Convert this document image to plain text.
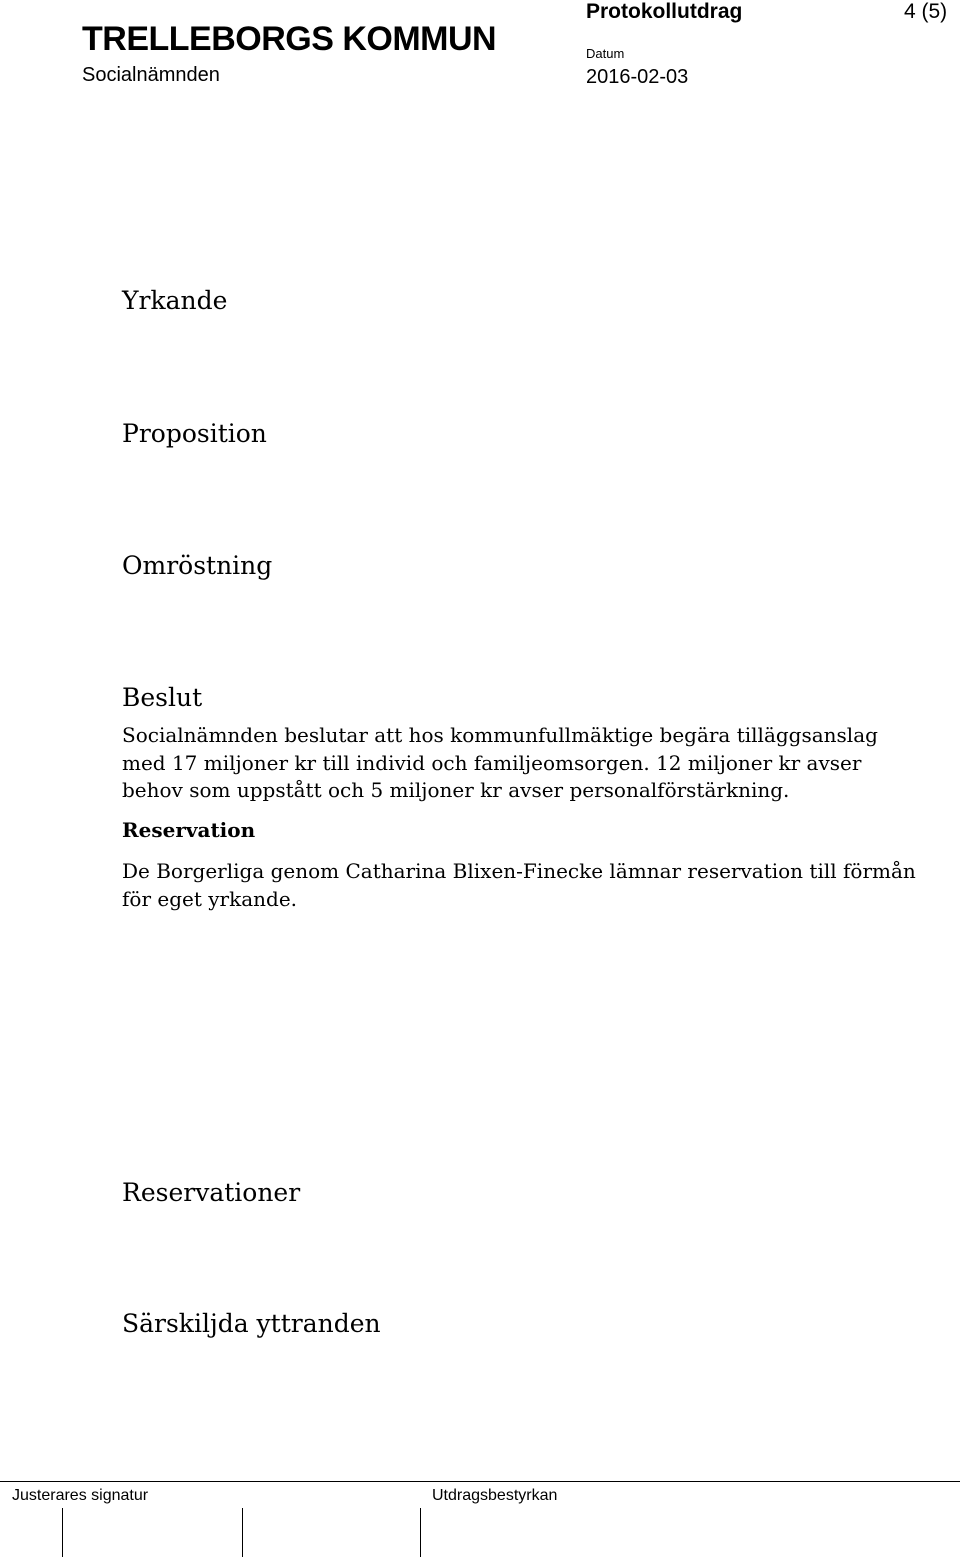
TRELLEBORGS KOMMUN
Socialnämnden
Protokollutdrag	4 (5)
Datum
2016-02-03
Yrkande
Proposition
Omröstning
Beslut
Socialnämnden beslutar att hos kommunfullmäktige begära tilläggsanslag med 17 miljoner kr till individ och familjeomsorgen. 12 miljoner kr avser behov som uppstått och 5 miljoner kr avser personalförstärkning.
Reservation
De Borgerliga genom Catharina Blixen-Finecke lämnar reservation till förmån för eget yrkande.
Reservationer
Särskiljda yttranden
Justerares signatur	Utdragsbestyrkan
